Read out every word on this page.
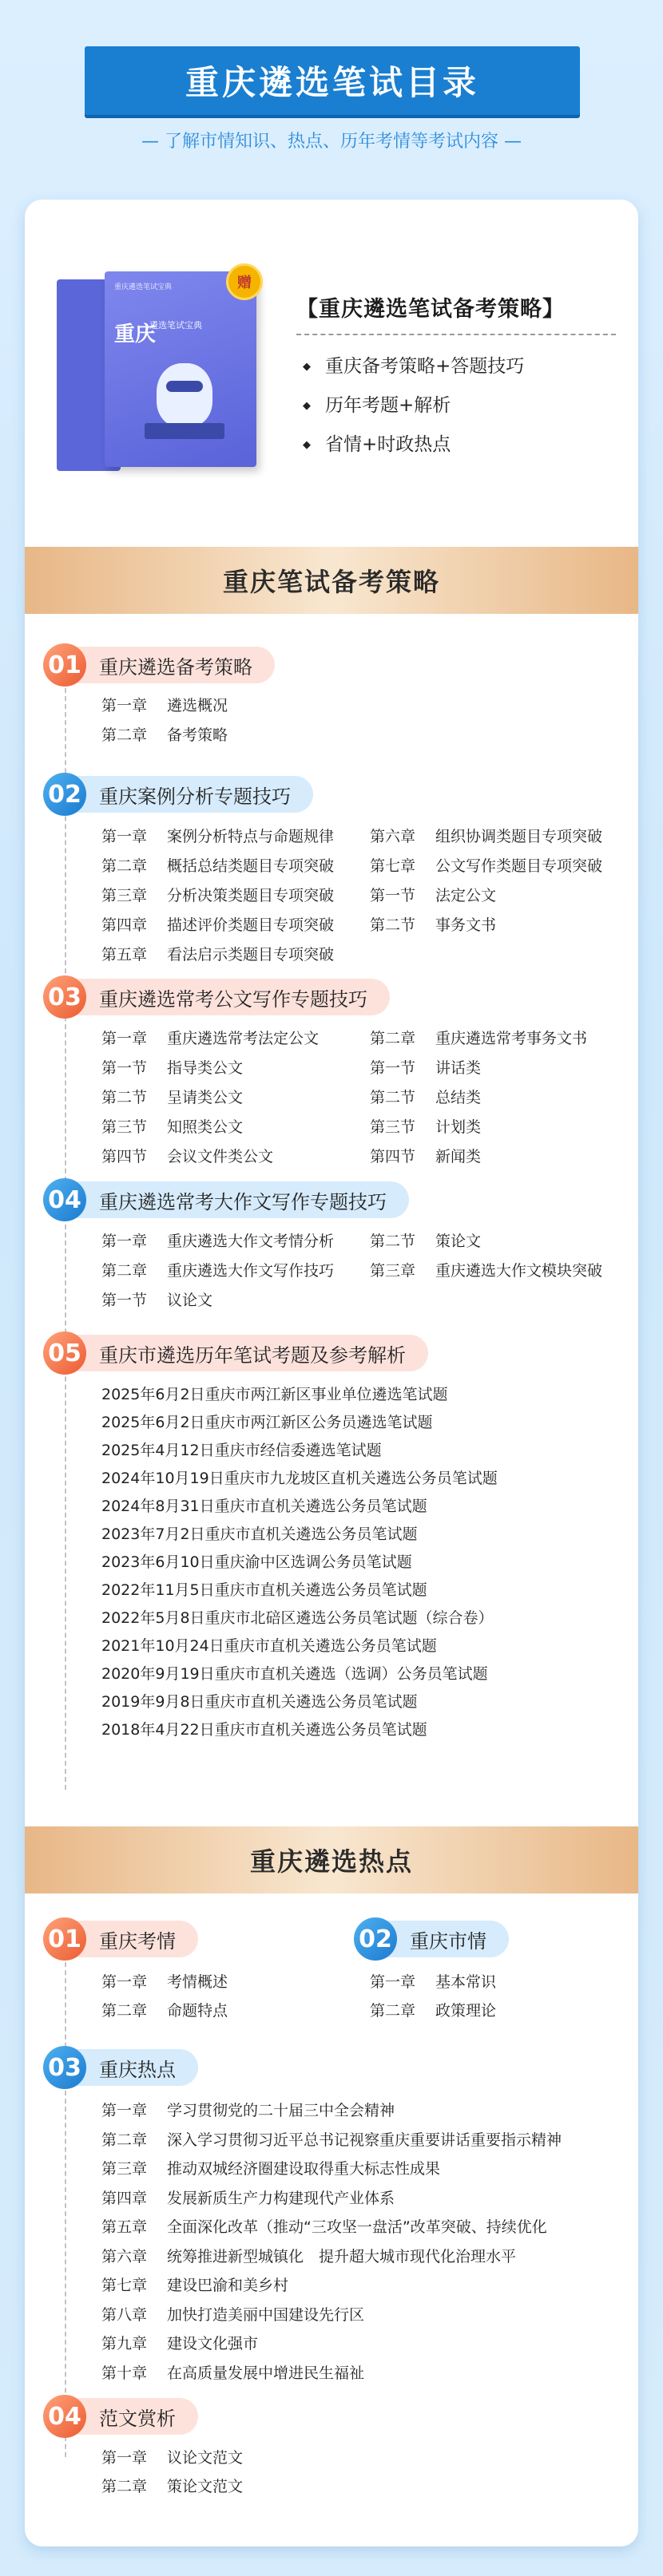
重庆遴选笔试目录
— 了解市情知识、热点、历年考情等考试内容 —
重庆遴选笔试宝典
重庆
遴选笔试宝典
赠
【重庆遴选笔试备考策略】
◆ 重庆备考策略+答题技巧
◆ 历年考题+解析
◆ 省情+时政热点
重庆笔试备考策略
01 重庆遴选备考策略
第一章 遴选概况
第二章 备考策略
02 重庆案例分析专题技巧
第一章 案例分析特点与命题规律
第二章 概括总结类题目专项突破
第三章 分析决策类题目专项突破
第四章 描述评价类题目专项突破
第五章 看法启示类题目专项突破
第六章 组织协调类题目专项突破
第七章 公文写作类题目专项突破
第一节 法定公文
第二节 事务文书
03 重庆遴选常考公文写作专题技巧
第一章 重庆遴选常考法定公文
第一节 指导类公文
第二节 呈请类公文
第三节 知照类公文
第四节 会议文件类公文
第二章 重庆遴选常考事务文书
第一节 讲话类
第二节 总结类
第三节 计划类
第四节 新闻类
04 重庆遴选常考大作文写作专题技巧
第一章 重庆遴选大作文考情分析
第二章 重庆遴选大作文写作技巧
第一节 议论文
第二节 策论文
第三章 重庆遴选大作文模块突破
05 重庆市遴选历年笔试考题及参考解析
2025年6月2日重庆市两江新区事业单位遴选笔试题
2025年6月2日重庆市两江新区公务员遴选笔试题
2025年4月12日重庆市经信委遴选笔试题
2024年10月19日重庆市九龙坡区直机关遴选公务员笔试题
2024年8月31日重庆市直机关遴选公务员笔试题
2023年7月2日重庆市直机关遴选公务员笔试题
2023年6月10日重庆渝中区选调公务员笔试题
2022年11月5日重庆市直机关遴选公务员笔试题
2022年5月8日重庆市北碚区遴选公务员笔试题（综合卷）
2021年10月24日重庆市直机关遴选公务员笔试题
2020年9月19日重庆市直机关遴选（选调）公务员笔试题
2019年9月8日重庆市直机关遴选公务员笔试题
2018年4月22日重庆市直机关遴选公务员笔试题
重庆遴选热点
01 重庆考情
第一章 考情概述
第二章 命题特点
02 重庆市情
第一章 基本常识
第二章 政策理论
03 重庆热点
第一章 学习贯彻党的二十届三中全会精神
第二章 深入学习贯彻习近平总书记视察重庆重要讲话重要指示精神
第三章 推动双城经济圈建设取得重大标志性成果
第四章 发展新质生产力构建现代产业体系
第五章 全面深化改革（推动“三攻坚一盘活”改革突破、持续优化
第六章 统筹推进新型城镇化　提升超大城市现代化治理水平
第七章 建设巴渝和美乡村
第八章 加快打造美丽中国建设先行区
第九章 建设文化强市
第十章 在高质量发展中增进民生福祉
04 范文赏析
第一章 议论文范文
第二章 策论文范文
